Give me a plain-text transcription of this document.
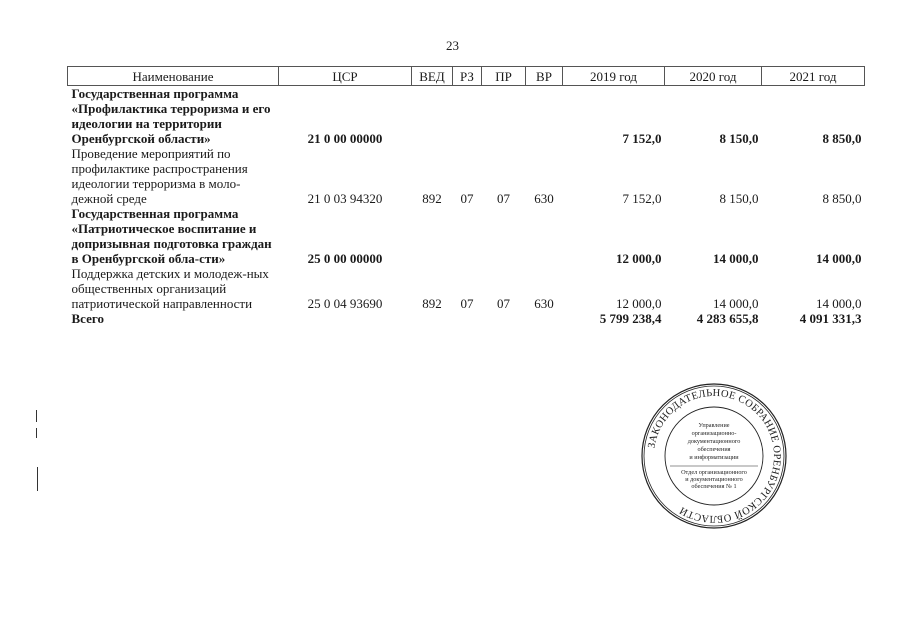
23
Наименование	ЦСР	ВЕД	РЗ	ПР	ВР	2019 год	2020 год	2021 год
Государственная программа «Профилактика терроризма и его идеологии на территории Оренбургской области»	21 0 00 00000					7 152,0	8 150,0	8 850,0
Проведение мероприятий по профилактике распространения идеологии терроризма в моло-дежной среде	21 0 03 94320	892	07	07	630	7 152,0	8 150,0	8 850,0
Государственная программа «Патриотическое воспитание и допризывная подготовка граждан в Оренбургской обла-сти»	25 0 00 00000					12 000,0	14 000,0	14 000,0
Поддержка детских и молодеж-ных общественных организаций патриотической направленности	25 0 04 93690	892	07	07	630	12 000,0	14 000,0	14 000,0
Всего						5 799 238,4	4 283 655,8	4 091 331,3
ЗАКОНОДАТЕЛЬНОЕ СОБРАНИЕ ОРЕНБУРГСКОЙ ОБЛАСТИ
Управление
организационно-
документационного
обеспечения
и информатизации
Отдел организационного
и документационного
обеспечения № 1
